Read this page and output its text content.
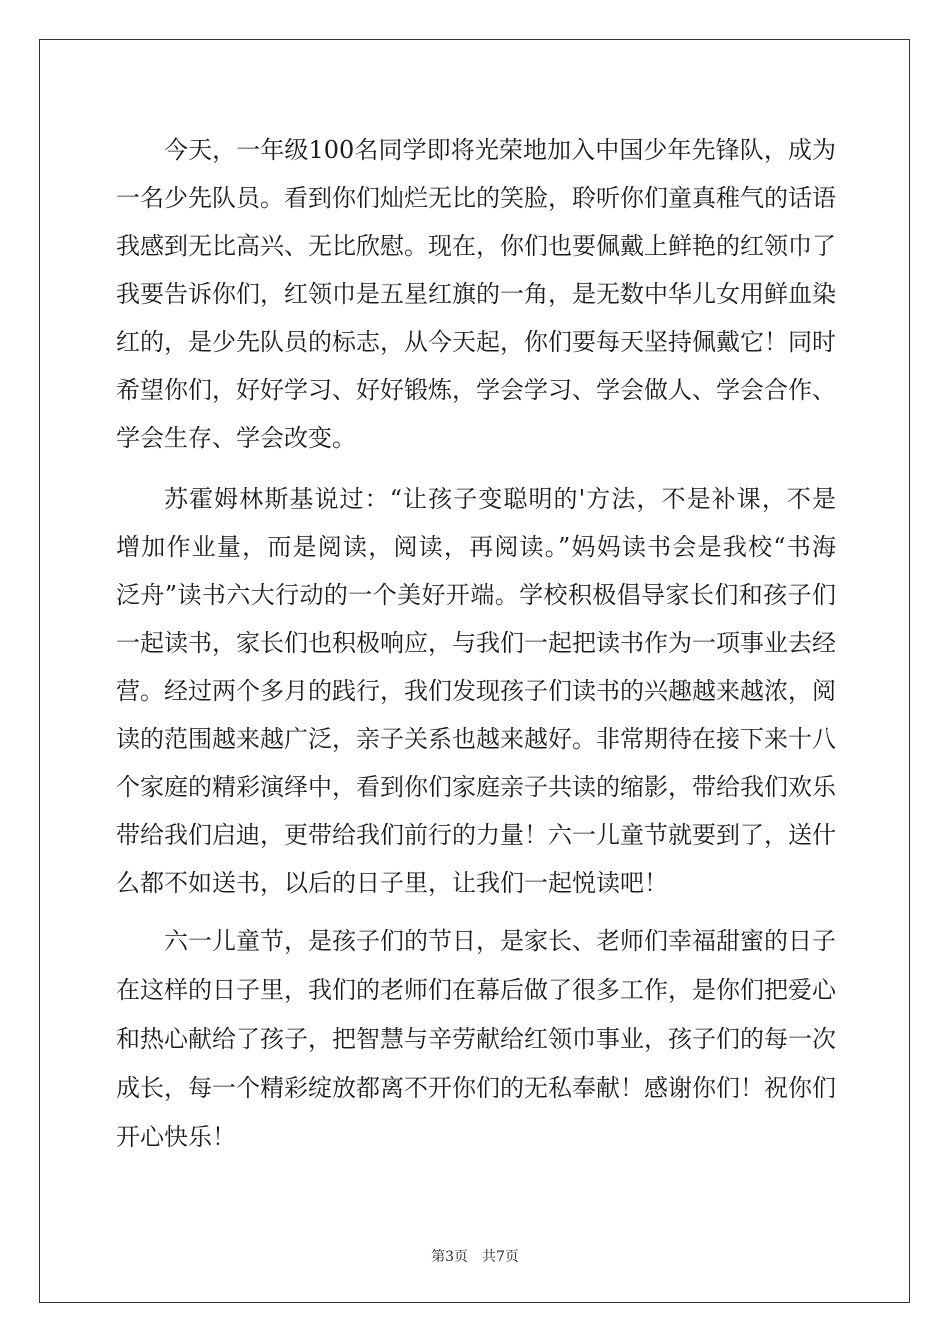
今天，一年级100名同学即将光荣地加入中国少年先锋队，成为
一名少先队员。看到你们灿烂无比的笑脸，聆听你们童真稚气的话语
我感到无比高兴、无比欣慰。现在，你们也要佩戴上鲜艳的红领巾了
我要告诉你们，红领巾是五星红旗的一角，是无数中华儿女用鲜血染
红的，是少先队员的标志，从今天起，你们要每天坚持佩戴它！同时
希望你们，好好学习、好好锻炼，学会学习、学会做人、学会合作、
学会生存、学会改变。
苏霍姆林斯基说过：“让孩子变聪明的'方法，不是补课，不是
增加作业量，而是阅读，阅读，再阅读。”妈妈读书会是我校“书海
泛舟”读书六大行动的一个美好开端。学校积极倡导家长们和孩子们
一起读书，家长们也积极响应，与我们一起把读书作为一项事业去经
营。经过两个多月的践行，我们发现孩子们读书的兴趣越来越浓，阅
读的范围越来越广泛，亲子关系也越来越好。非常期待在接下来十八
个家庭的精彩演绎中，看到你们家庭亲子共读的缩影，带给我们欢乐
带给我们启迪，更带给我们前行的力量！六一儿童节就要到了，送什
么都不如送书，以后的日子里，让我们一起悦读吧！
六一儿童节，是孩子们的节日，是家长、老师们幸福甜蜜的日子
在这样的日子里，我们的老师们在幕后做了很多工作，是你们把爱心
和热心献给了孩子，把智慧与辛劳献给红领巾事业，孩子们的每一次
成长，每一个精彩绽放都离不开你们的无私奉献！感谢你们！祝你们
开心快乐！
第3页 共7页
